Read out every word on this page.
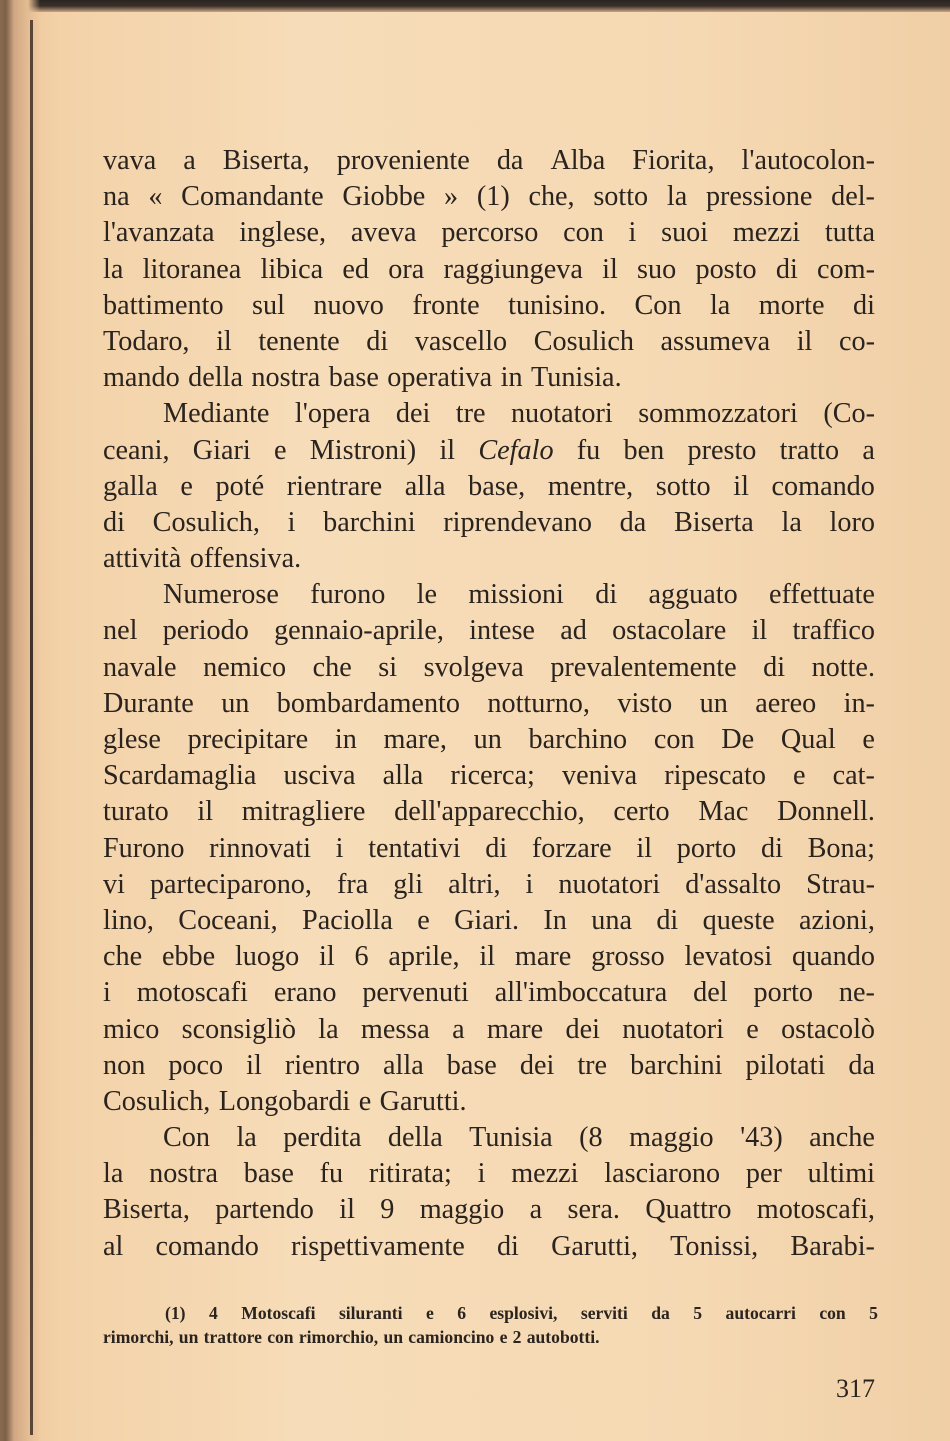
vava a Biserta, proveniente da Alba Fiorita, l'autocolon-
na « Comandante Giobbe » (1) che, sotto la pressione del-
l'avanzata inglese, aveva percorso con i suoi mezzi tutta
la litoranea libica ed ora raggiungeva il suo posto di com-
battimento sul nuovo fronte tunisino. Con la morte di
Todaro, il tenente di vascello Cosulich assumeva il co-
mando della nostra base operativa in Tunisia.
Mediante l'opera dei tre nuotatori sommozzatori (Co-
ceani, Giari e Mistroni) il Cefalo fu ben presto tratto a
galla e poté rientrare alla base, mentre, sotto il comando
di Cosulich, i barchini riprendevano da Biserta la loro
attività offensiva.
Numerose furono le missioni di agguato effettuate
nel periodo gennaio-aprile, intese ad ostacolare il traffico
navale nemico che si svolgeva prevalentemente di notte.
Durante un bombardamento notturno, visto un aereo in-
glese precipitare in mare, un barchino con De Qual e
Scardamaglia usciva alla ricerca; veniva ripescato e cat-
turato il mitragliere dell'apparecchio, certo Mac Donnell.
Furono rinnovati i tentativi di forzare il porto di Bona;
vi parteciparono, fra gli altri, i nuotatori d'assalto Strau-
lino, Coceani, Paciolla e Giari. In una di queste azioni,
che ebbe luogo il 6 aprile, il mare grosso levatosi quando
i motoscafi erano pervenuti all'imboccatura del porto ne-
mico sconsigliò la messa a mare dei nuotatori e ostacolò
non poco il rientro alla base dei tre barchini pilotati da
Cosulich, Longobardi e Garutti.
Con la perdita della Tunisia (8 maggio '43) anche
la nostra base fu ritirata; i mezzi lasciarono per ultimi
Biserta, partendo il 9 maggio a sera. Quattro motoscafi,
al comando rispettivamente di Garutti, Tonissi, Barabi-
(1) 4 Motoscafi siluranti e 6 esplosivi, serviti da 5 autocarri con 5
rimorchi, un trattore con rimorchio, un camioncino e 2 autobotti.
317
